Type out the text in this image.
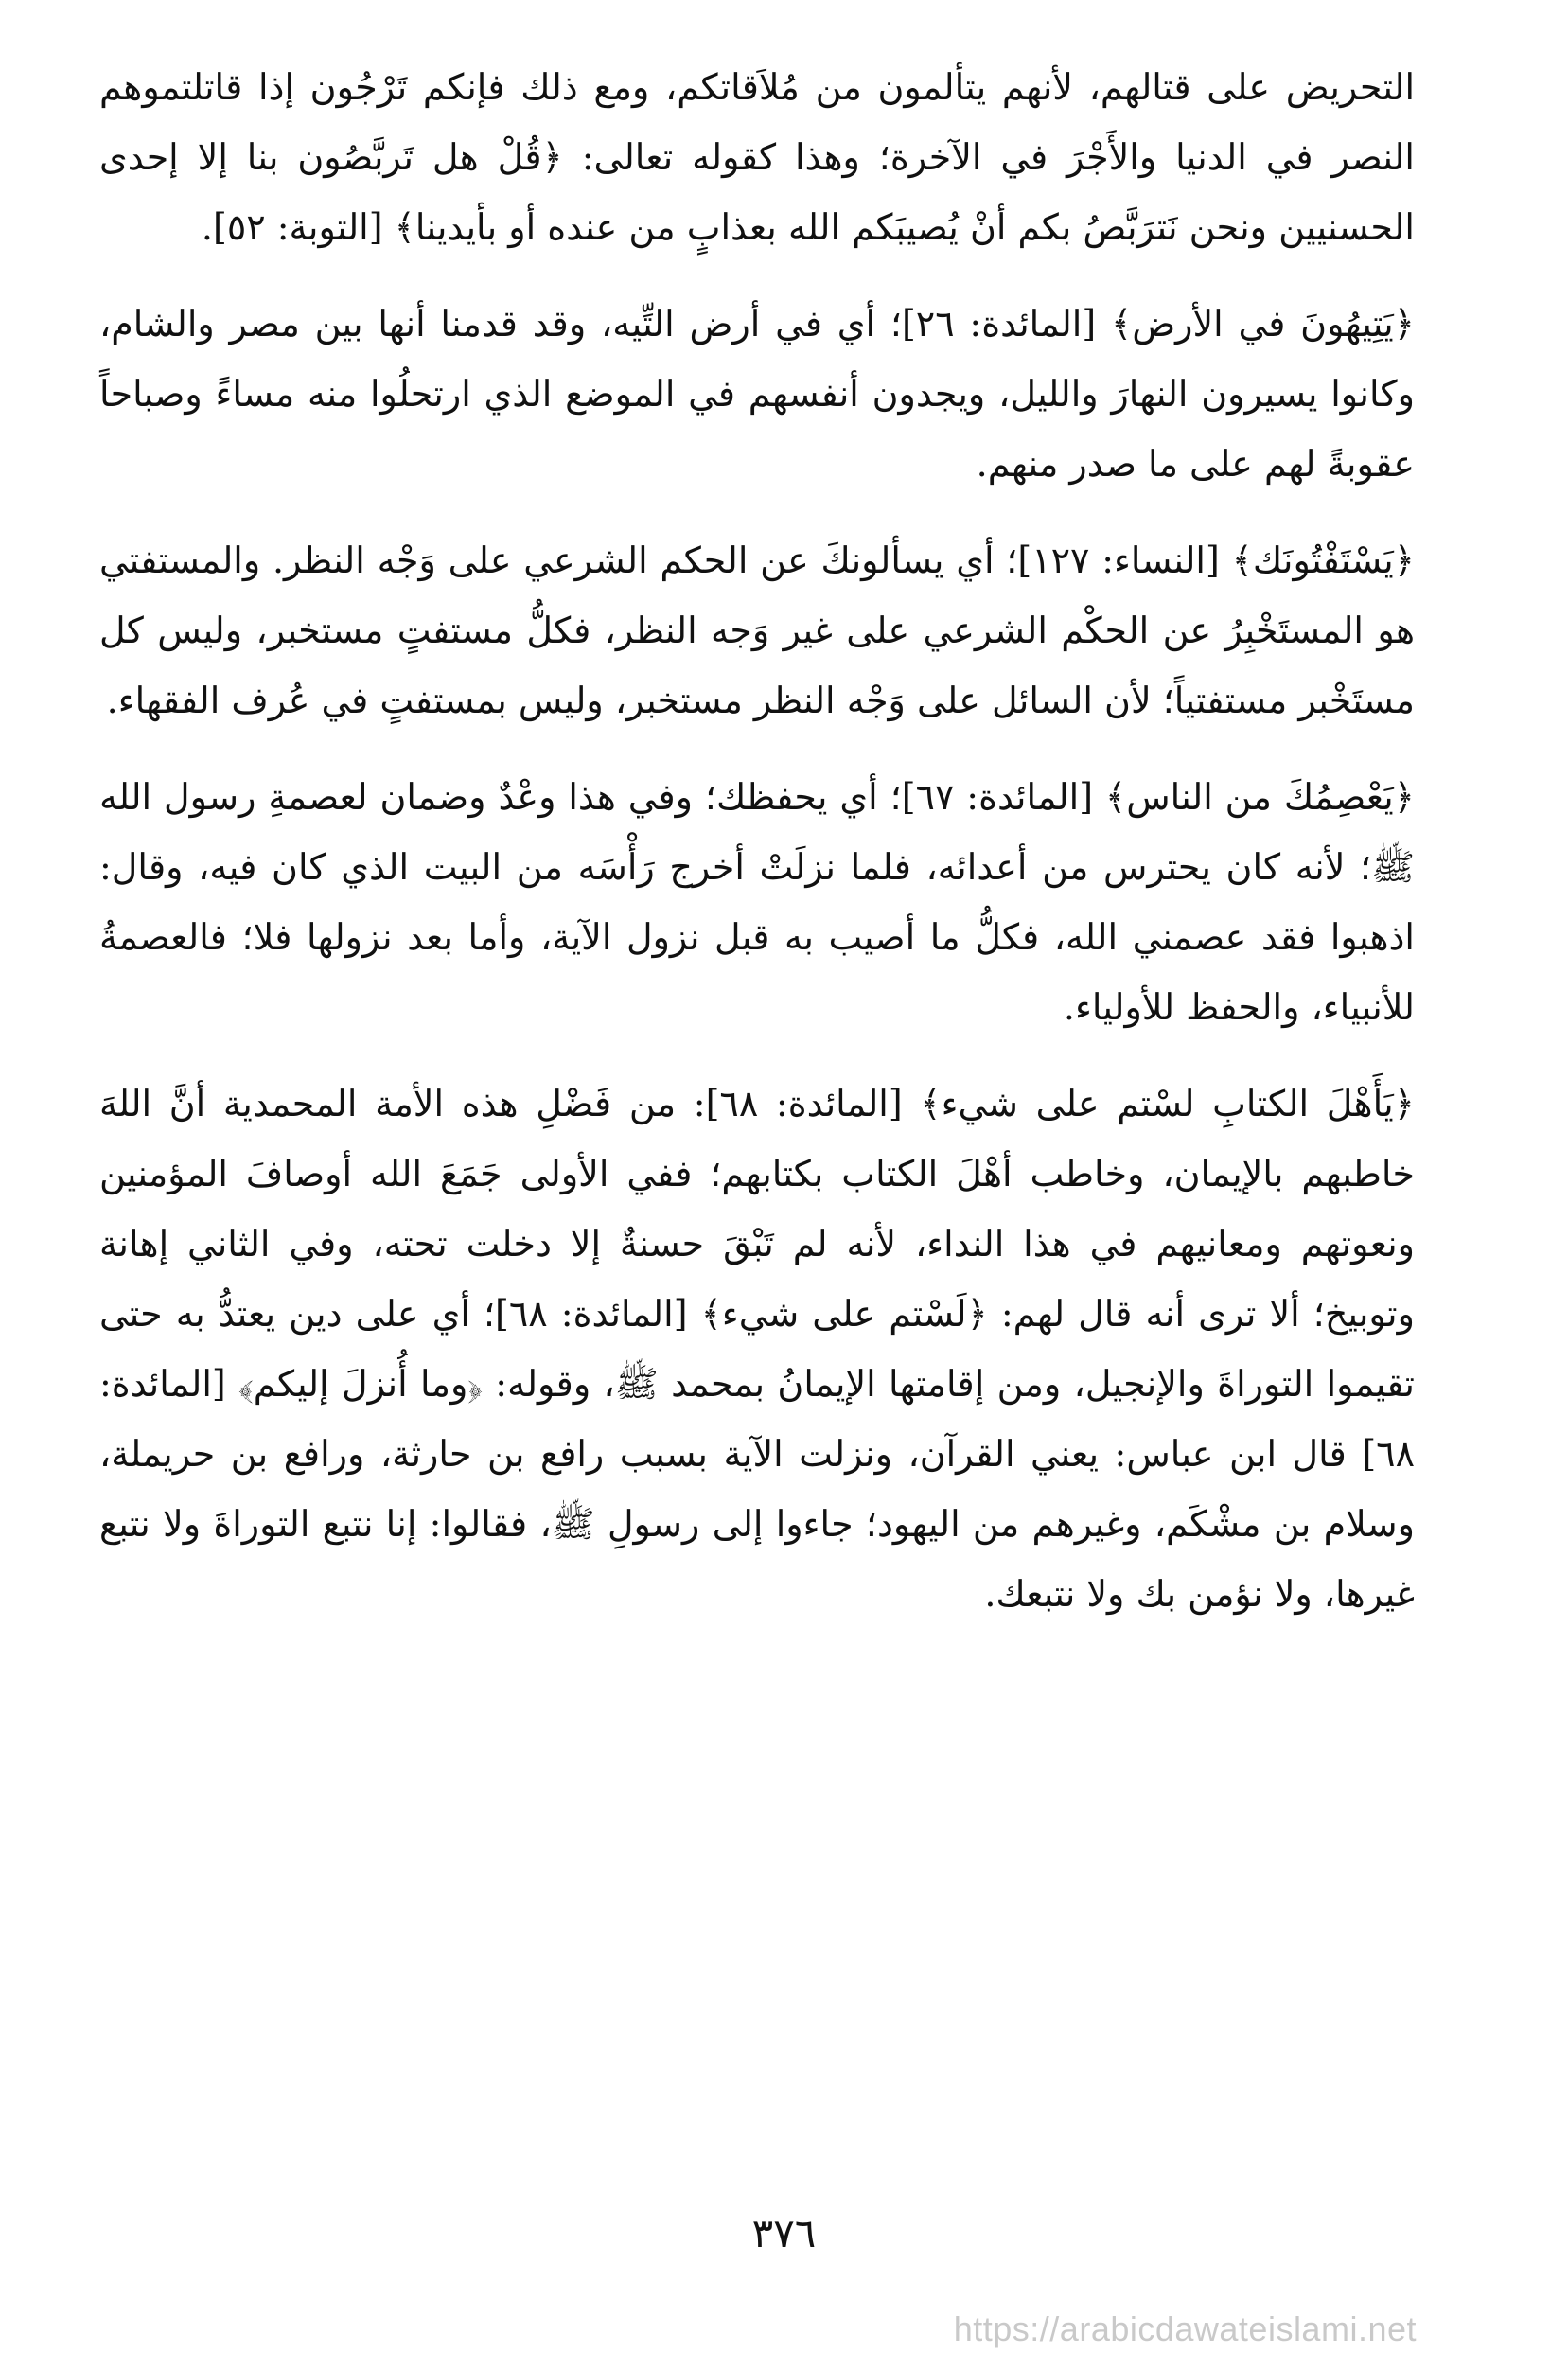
التحريض على قتالهم، لأنهم يتألمون من مُلاَقاتكم، ومع ذلك فإنكم تَرْجُون إذا قاتلتموهم النصر في الدنيا والأَجْرَ في الآخرة؛ وهذا كقوله تعالى: ﴿قُلْ هل تَربَّصُون بنا إلا إحدى الحسنيين ونحن نَترَبَّصُ بكم أنْ يُصيبَكم الله بعذابٍ من عنده أو بأيدينا﴾ [التوبة: ٥٢].

﴿يَتِيهُونَ في الأرض﴾ [المائدة: ٢٦]؛ أي في أرض التِّيه، وقد قدمنا أنها بين مصر والشام، وكانوا يسيرون النهارَ والليل، ويجدون أنفسهم في الموضع الذي ارتحلُوا منه مساءً وصباحاً عقوبةً لهم على ما صدر منهم.

﴿يَسْتَفْتُونَك﴾ [النساء: ١٢٧]؛ أي يسألونكَ عن الحكم الشرعي على وَجْه النظر. والمستفتي هو المستَخْبِرُ عن الحكْم الشرعي على غير وَجه النظر، فكلُّ مستفتٍ مستخبر، وليس كل مستَخْبر مستفتياً؛ لأن السائل على وَجْه النظر مستخبر، وليس بمستفتٍ في عُرف الفقهاء.

﴿يَعْصِمُكَ من الناس﴾ [المائدة: ٦٧]؛ أي يحفظك؛ وفي هذا وعْدٌ وضمان لعصمةِ رسول الله ﷺ؛ لأنه كان يحترس من أعدائه، فلما نزلَتْ أخرج رَأْسَه من البيت الذي كان فيه، وقال: اذهبوا فقد عصمني الله، فكلُّ ما أصيب به قبل نزول الآية، وأما بعد نزولها فلا؛ فالعصمةُ للأنبياء، والحفظ للأولياء.

﴿يَأَهْلَ الكتابِ لسْتم على شيء﴾ [المائدة: ٦٨]: من فَضْلِ هذه الأمة المحمدية أنَّ اللهَ خاطبهم بالإيمان، وخاطب أهْلَ الكتاب بكتابهم؛ ففي الأولى جَمَعَ الله أوصافَ المؤمنين ونعوتهم ومعانيهم في هذا النداء، لأنه لم تَبْقَ حسنةٌ إلا دخلت تحته، وفي الثاني إهانة وتوبيخ؛ ألا ترى أنه قال لهم: ﴿لَسْتم على شيء﴾ [المائدة: ٦٨]؛ أي على دين يعتدُّ به حتى تقيموا التوراةَ والإنجيل، ومن إقامتها الإيمانُ بمحمد ﷺ، وقوله: ﴿وما أُنزلَ إليكم﴾ [المائدة: ٦٨] قال ابن عباس: يعني القرآن، ونزلت الآية بسبب رافع بن حارثة، ورافع بن حريملة، وسلام بن مشْكَم، وغيرهم من اليهود؛ جاءوا إلى رسولِ ﷺ، فقالوا: إنا نتبع التوراةَ ولا نتبع غيرها، ولا نؤمن بك ولا نتبعك.

٣٧٦
https://arabicdawateislami.net
